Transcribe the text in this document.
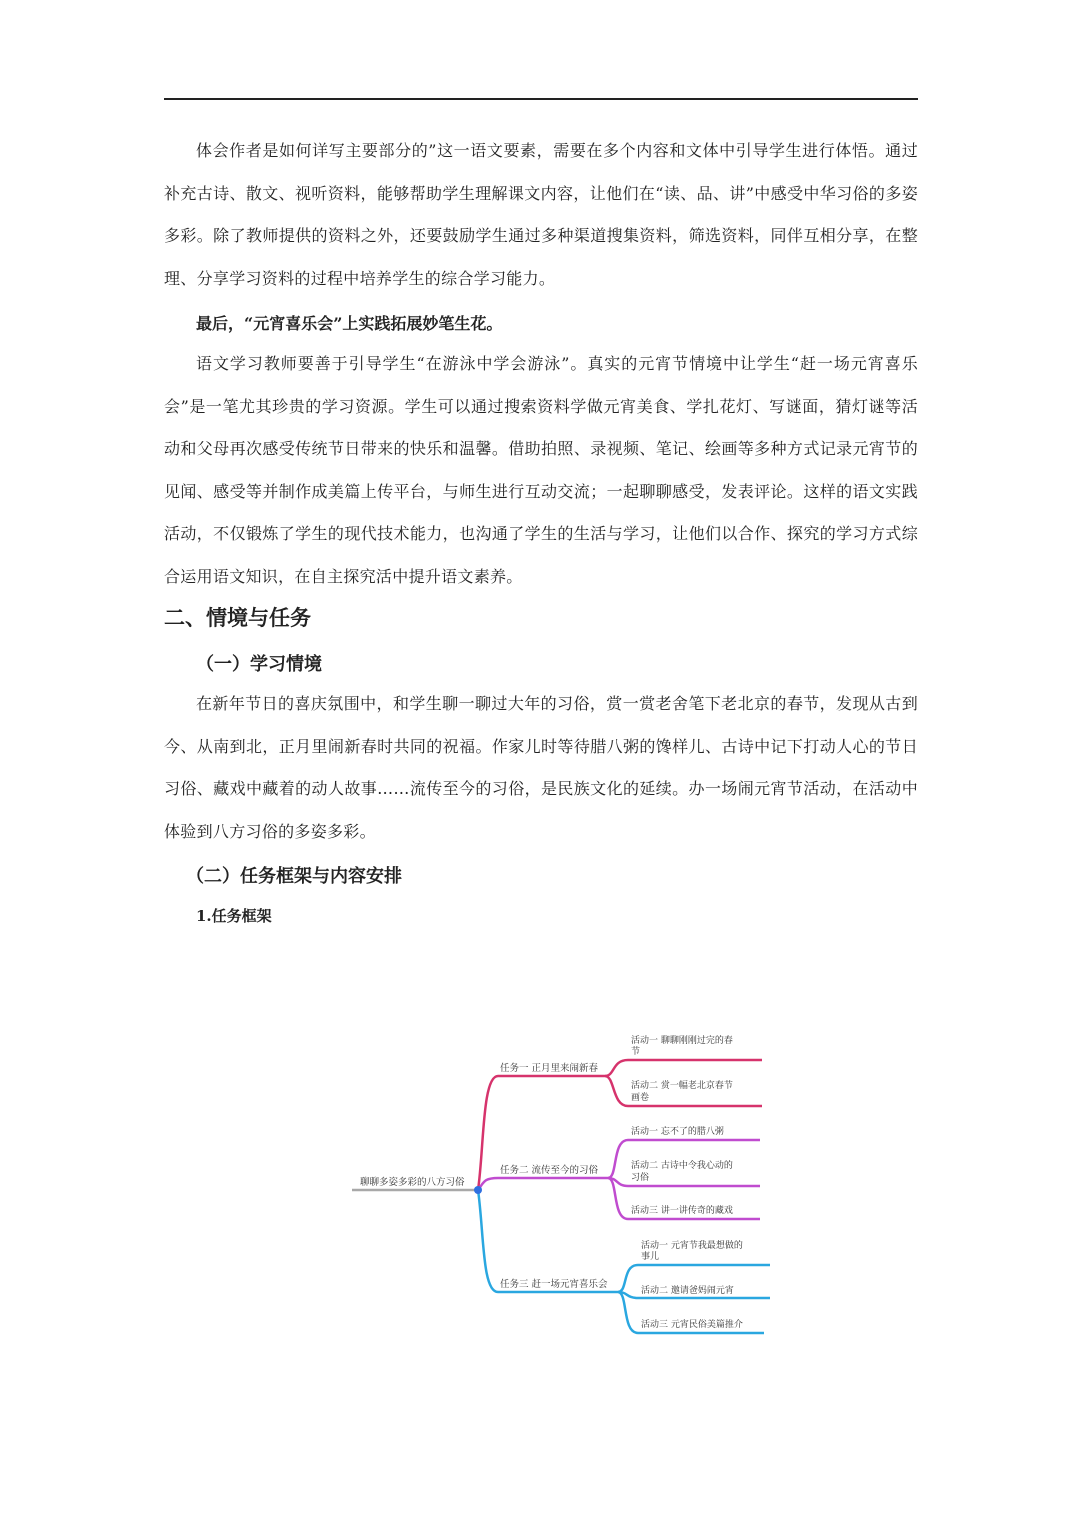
体会作者是如何详写主要部分的”这一语文要素，需要在多个内容和文体中引导学生进行体悟。通过补充古诗、散文、视听资料，能够帮助学生理解课文内容，让他们在“读、品、讲”中感受中华习俗的多姿多彩。除了教师提供的资料之外，还要鼓励学生通过多种渠道搜集资料，筛选资料，同伴互相分享，在整理、分享学习资料的过程中培养学生的综合学习能力。

最后，“元宵喜乐会”上实践拓展妙笔生花。

语文学习教师要善于引导学生“在游泳中学会游泳”。真实的元宵节情境中让学生“赶一场元宵喜乐会”是一笔尤其珍贵的学习资源。学生可以通过搜索资料学做元宵美食、学扎花灯、写谜面，猜灯谜等活动和父母再次感受传统节日带来的快乐和温馨。借助拍照、录视频、笔记、绘画等多种方式记录元宵节的见闻、感受等并制作成美篇上传平台，与师生进行互动交流；一起聊聊感受，发表评论。这样的语文实践活动，不仅锻炼了学生的现代技术能力，也沟通了学生的生活与学习，让他们以合作、探究的学习方式综合运用语文知识，在自主探究活中提升语文素养。

二、情境与任务
（一）学习情境

在新年节日的喜庆氛围中，和学生聊一聊过大年的习俗，赏一赏老舍笔下老北京的春节，发现从古到今、从南到北，正月里闹新春时共同的祝福。作家儿时等待腊八粥的馋样儿、古诗中记下打动人心的节日习俗、藏戏中藏着的动人故事……流传至今的习俗，是民族文化的延续。办一场闹元宵节活动，在活动中体验到八方习俗的多姿多彩。

（二）任务框架与内容安排
1.任务框架
聊聊多姿多彩的八方习俗
任务一 正月里来闹新春
活动一 聊聊刚刚过完的春
节
活动二 赏一幅老北京春节
画卷
任务二 流传至今的习俗
活动一 忘不了的腊八粥
活动二 古诗中令我心动的
习俗
活动三 讲一讲传奇的藏戏
任务三 赶一场元宵喜乐会
活动一 元宵节我最想做的
事儿
活动二 邀请爸妈闹元宵
活动三 元宵民俗美篇推介
